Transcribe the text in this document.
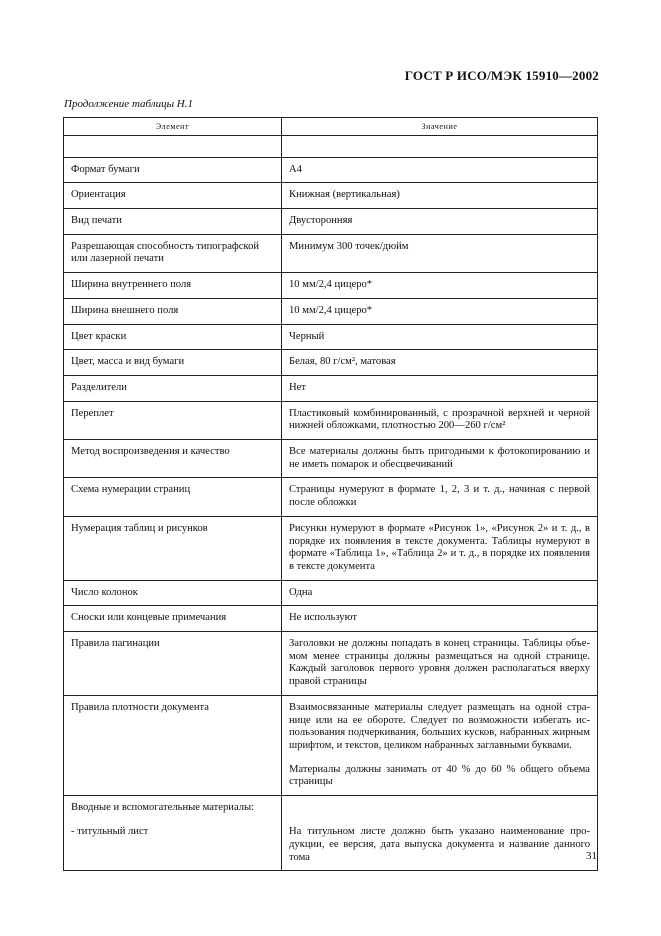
ГОСТ Р ИСО/МЭК 15910—2002
Продолжение таблицы Н.1
Элемент	Значение

Формат бумаги	А4
Ориентация	Книжная (вертикальная)
Вид печати	Двусторонняя
Разрешающая способность типографской или лазерной печати	Минимум 300 точек/дюйм
Ширина внутреннего поля	10 мм/2,4 цицеро*
Ширина внешнего поля	10 мм/2,4 цицеро*
Цвет краски	Черный
Цвет, масса и вид бумаги	Белая, 80 г/см², матовая
Разделители	Нет
Переплет	Пластиковый комбинированный, с прозрачной верхней и черной нижней обложками, плотностью 200—260 г/см²
Метод воспроизведения и качество	Все материалы должны быть пригодными к фотокопированию и не иметь помарок и обесцвечиваний
Схема нумерации страниц	Страницы нумеруют в формате 1, 2, 3 и т. д., начиная с первой после обложки
Нумерация таблиц и рисунков	Рисунки нумеруют в формате «Рисунок 1», «Рисунок 2» и т. д., в порядке их появления в тексте документа. Таблицы нумеруют в формате «Таблица 1», «Таблица 2» и т. д., в порядке их появления в тексте документа
Число колонок	Одна
Сноски или концевые примечания	Не используют
Правила пагинации	Заголовки не должны попадать в конец страницы. Таблицы объемом менее страницы должны размещаться на одной странице. Каждый заголовок первого уровня должен располагаться вверху правой страницы
Правила плотности документа	Взаимосвязанные материалы следует размещать на одной странице или на ее обороте. Следует по возможности избегать использования подчеркивания, больших кусков, набранных жирным шрифтом, и текстов, целиком набранных заглавными буквами.
Материалы должны занимать от 40 % до 60 % общего объема страницы

Вводные и вспомогательные материалы:
- титульный лист	На титульном листе должно быть указано наименование продукции, ее версия, дата выпуска документа и название данного тома	31
